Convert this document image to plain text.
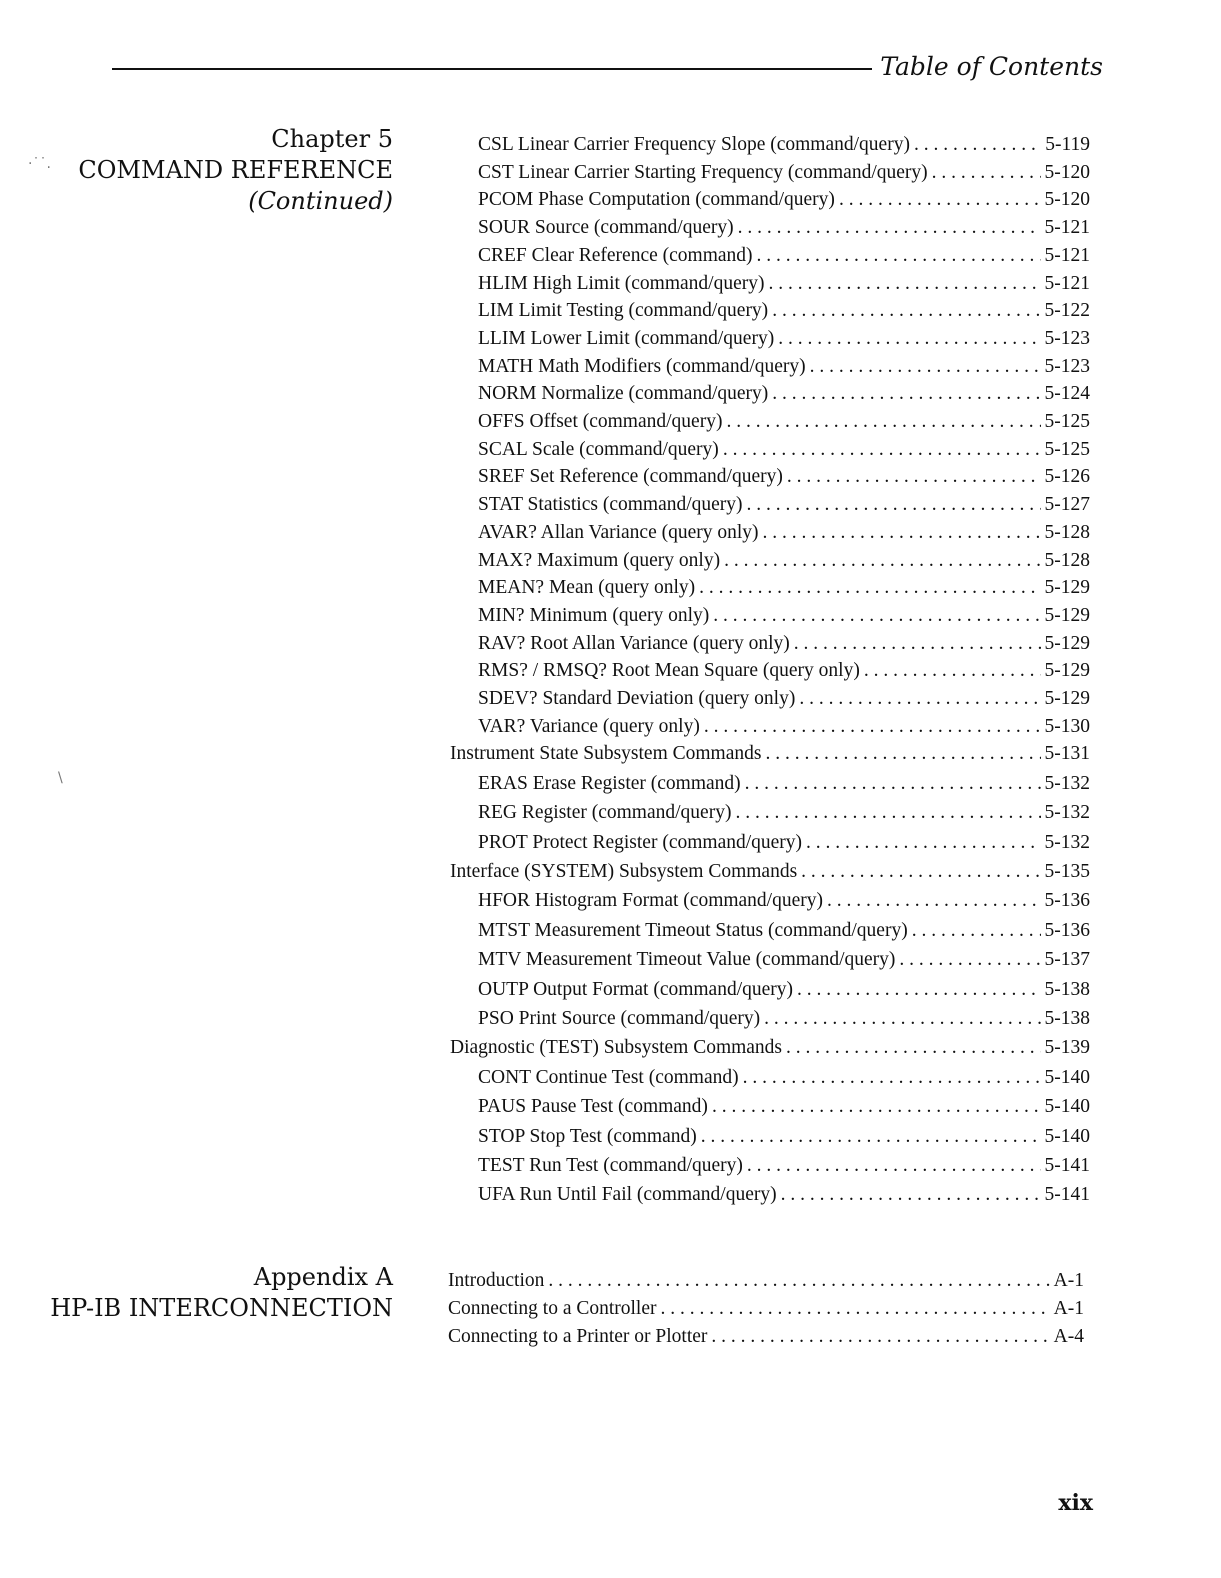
Table of Contents
Chapter 5
COMMAND REFERENCE
(Continued)
Appendix A
HP-IB INTERCONNECTION
CSL Linear Carrier Frequency Slope (command/query) . . .	5-119
CST Linear Carrier Starting Frequency (command/query) . . .	5-120
PCOM Phase Computation (command/query) . . .	5-120
SOUR Source (command/query) . . .	5-121
CREF Clear Reference (command) . . .	5-121
HLIM High Limit (command/query) . . .	5-121
LIM Limit Testing (command/query) . . .	5-122
LLIM Lower Limit (command/query) . . .	5-123
MATH Math Modifiers (command/query) . . .	5-123
NORM Normalize (command/query) . . .	5-124
OFFS Offset (command/query) . . .	5-125
SCAL Scale (command/query) . . .	5-125
SREF Set Reference (command/query) . . .	5-126
STAT Statistics (command/query) . . .	5-127
AVAR? Allan Variance (query only) . . .	5-128
MAX? Maximum (query only) . . .	5-128
MEAN? Mean (query only) . . .	5-129
MIN? Minimum (query only) . . .	5-129
RAV? Root Allan Variance (query only) . . .	5-129
RMS? / RMSQ? Root Mean Square (query only) . . .	5-129
SDEV? Standard Deviation (query only) . . .	5-129
VAR? Variance (query only) . . .	5-130
Instrument State Subsystem Commands . . .	5-131
ERAS Erase Register (command) . . .	5-132
REG Register (command/query) . . .	5-132
PROT Protect Register (command/query) . . .	5-132
Interface (SYSTEM) Subsystem Commands . . .	5-135
HFOR Histogram Format (command/query) . . .	5-136
MTST Measurement Timeout Status (command/query) . . .	5-136
MTV Measurement Timeout Value (command/query) . . .	5-137
OUTP Output Format (command/query) . . .	5-138
PSO Print Source (command/query) . . .	5-138
Diagnostic (TEST) Subsystem Commands . . .	5-139
CONT Continue Test (command) . . .	5-140
PAUS Pause Test (command) . . .	5-140
STOP Stop Test (command) . . .	5-140
TEST Run Test (command/query) . . .	5-141
UFA Run Until Fail (command/query) . . .	5-141
Introduction . . .	A-1
Connecting to a Controller . . .	A-1
Connecting to a Printer or Plotter . . .	A-4
xix
·˙˙.
\
